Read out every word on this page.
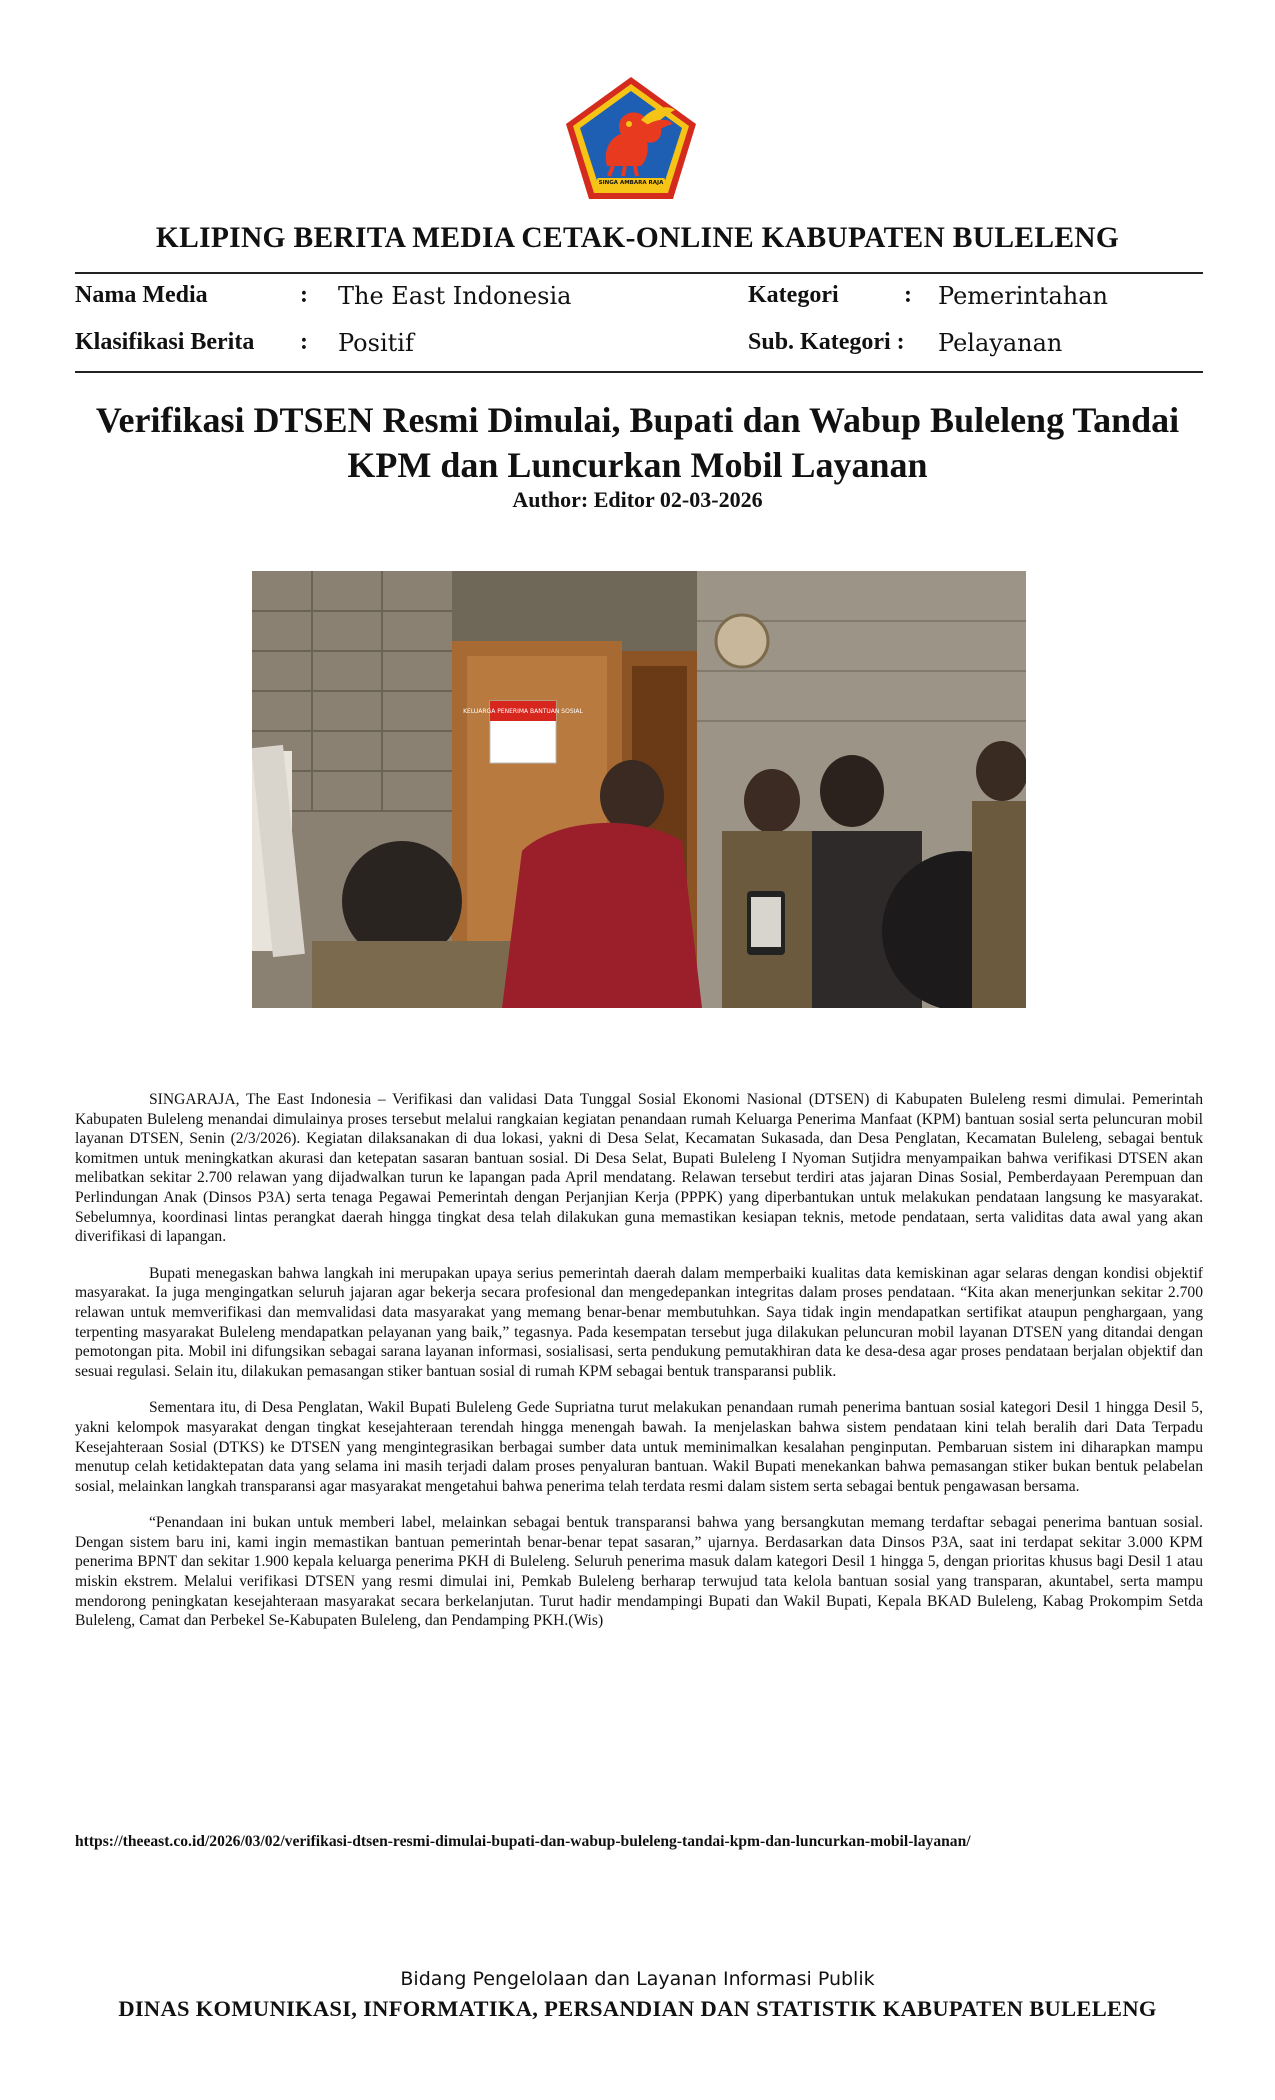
SINGA AMBARA RAJA
KLIPING BERITA MEDIA CETAK-ONLINE KABUPATEN BULELENG
Nama Media	: The East Indonesia	Kategori	: Pemerintahan
Klasifikasi Berita : Positif	Sub. Kategori : Pelayanan
Verifikasi DTSEN Resmi Dimulai, Bupati dan Wabup Buleleng Tandai
KPM dan Luncurkan Mobil Layanan
Author: Editor 02-03-2026
KELUARGA PENERIMA BANTUAN SOSIAL

SINGARAJA, The East Indonesia – Verifikasi dan validasi Data Tunggal Sosial Ekonomi Nasional (DTSEN) di Kabupaten Buleleng resmi dimulai. Pemerintah Kabupaten Buleleng menandai dimulainya proses tersebut melalui rangkaian kegiatan penandaan rumah Keluarga Penerima Manfaat (KPM) bantuan sosial serta peluncuran mobil layanan DTSEN, Senin (2/3/2026). Kegiatan dilaksanakan di dua lokasi, yakni di Desa Selat, Kecamatan Sukasada, dan Desa Penglatan, Kecamatan Buleleng, sebagai bentuk komitmen untuk meningkatkan akurasi dan ketepatan sasaran bantuan sosial. Di Desa Selat, Bupati Buleleng I Nyoman Sutjidra menyampaikan bahwa verifikasi DTSEN akan melibatkan sekitar 2.700 relawan yang dijadwalkan turun ke lapangan pada April mendatang. Relawan tersebut terdiri atas jajaran Dinas Sosial, Pemberdayaan Perempuan dan Perlindungan Anak (Dinsos P3A) serta tenaga Pegawai Pemerintah dengan Perjanjian Kerja (PPPK) yang diperbantukan untuk melakukan pendataan langsung ke masyarakat. Sebelumnya, koordinasi lintas perangkat daerah hingga tingkat desa telah dilakukan guna memastikan kesiapan teknis, metode pendataan, serta validitas data awal yang akan diverifikasi di lapangan.

Bupati menegaskan bahwa langkah ini merupakan upaya serius pemerintah daerah dalam memperbaiki kualitas data kemiskinan agar selaras dengan kondisi objektif masyarakat. Ia juga mengingatkan seluruh jajaran agar bekerja secara profesional dan mengedepankan integritas dalam proses pendataan. “Kita akan menerjunkan sekitar 2.700 relawan untuk memverifikasi dan memvalidasi data masyarakat yang memang benar-benar membutuhkan. Saya tidak ingin mendapatkan sertifikat ataupun penghargaan, yang terpenting masyarakat Buleleng mendapatkan pelayanan yang baik,” tegasnya. Pada kesempatan tersebut juga dilakukan peluncuran mobil layanan DTSEN yang ditandai dengan pemotongan pita. Mobil ini difungsikan sebagai sarana layanan informasi, sosialisasi, serta pendukung pemutakhiran data ke desa-desa agar proses pendataan berjalan objektif dan sesuai regulasi. Selain itu, dilakukan pemasangan stiker bantuan sosial di rumah KPM sebagai bentuk transparansi publik.

Sementara itu, di Desa Penglatan, Wakil Bupati Buleleng Gede Supriatna turut melakukan penandaan rumah penerima bantuan sosial kategori Desil 1 hingga Desil 5, yakni kelompok masyarakat dengan tingkat kesejahteraan terendah hingga menengah bawah. Ia menjelaskan bahwa sistem pendataan kini telah beralih dari Data Terpadu Kesejahteraan Sosial (DTKS) ke DTSEN yang mengintegrasikan berbagai sumber data untuk meminimalkan kesalahan penginputan. Pembaruan sistem ini diharapkan mampu menutup celah ketidaktepatan data yang selama ini masih terjadi dalam proses penyaluran bantuan. Wakil Bupati menekankan bahwa pemasangan stiker bukan bentuk pelabelan sosial, melainkan langkah transparansi agar masyarakat mengetahui bahwa penerima telah terdata resmi dalam sistem serta sebagai bentuk pengawasan bersama.

“Penandaan ini bukan untuk memberi label, melainkan sebagai bentuk transparansi bahwa yang bersangkutan memang terdaftar sebagai penerima bantuan sosial. Dengan sistem baru ini, kami ingin memastikan bantuan pemerintah benar-benar tepat sasaran,” ujarnya. Berdasarkan data Dinsos P3A, saat ini terdapat sekitar 3.000 KPM penerima BPNT dan sekitar 1.900 kepala keluarga penerima PKH di Buleleng. Seluruh penerima masuk dalam kategori Desil 1 hingga 5, dengan prioritas khusus bagi Desil 1 atau miskin ekstrem. Melalui verifikasi DTSEN yang resmi dimulai ini, Pemkab Buleleng berharap terwujud tata kelola bantuan sosial yang transparan, akuntabel, serta mampu mendorong peningkatan kesejahteraan masyarakat secara berkelanjutan. Turut hadir mendampingi Bupati dan Wakil Bupati, Kepala BKAD Buleleng, Kabag Prokompim Setda Buleleng, Camat dan Perbekel Se-Kabupaten Buleleng, dan Pendamping PKH.(Wis)

https://theeast.co.id/2026/03/02/verifikasi-dtsen-resmi-dimulai-bupati-dan-wabup-buleleng-tandai-kpm-dan-luncurkan-mobil-layanan/
Bidang Pengelolaan dan Layanan Informasi Publik
DINAS KOMUNIKASI, INFORMATIKA, PERSANDIAN DAN STATISTIK KABUPATEN BULELENG
